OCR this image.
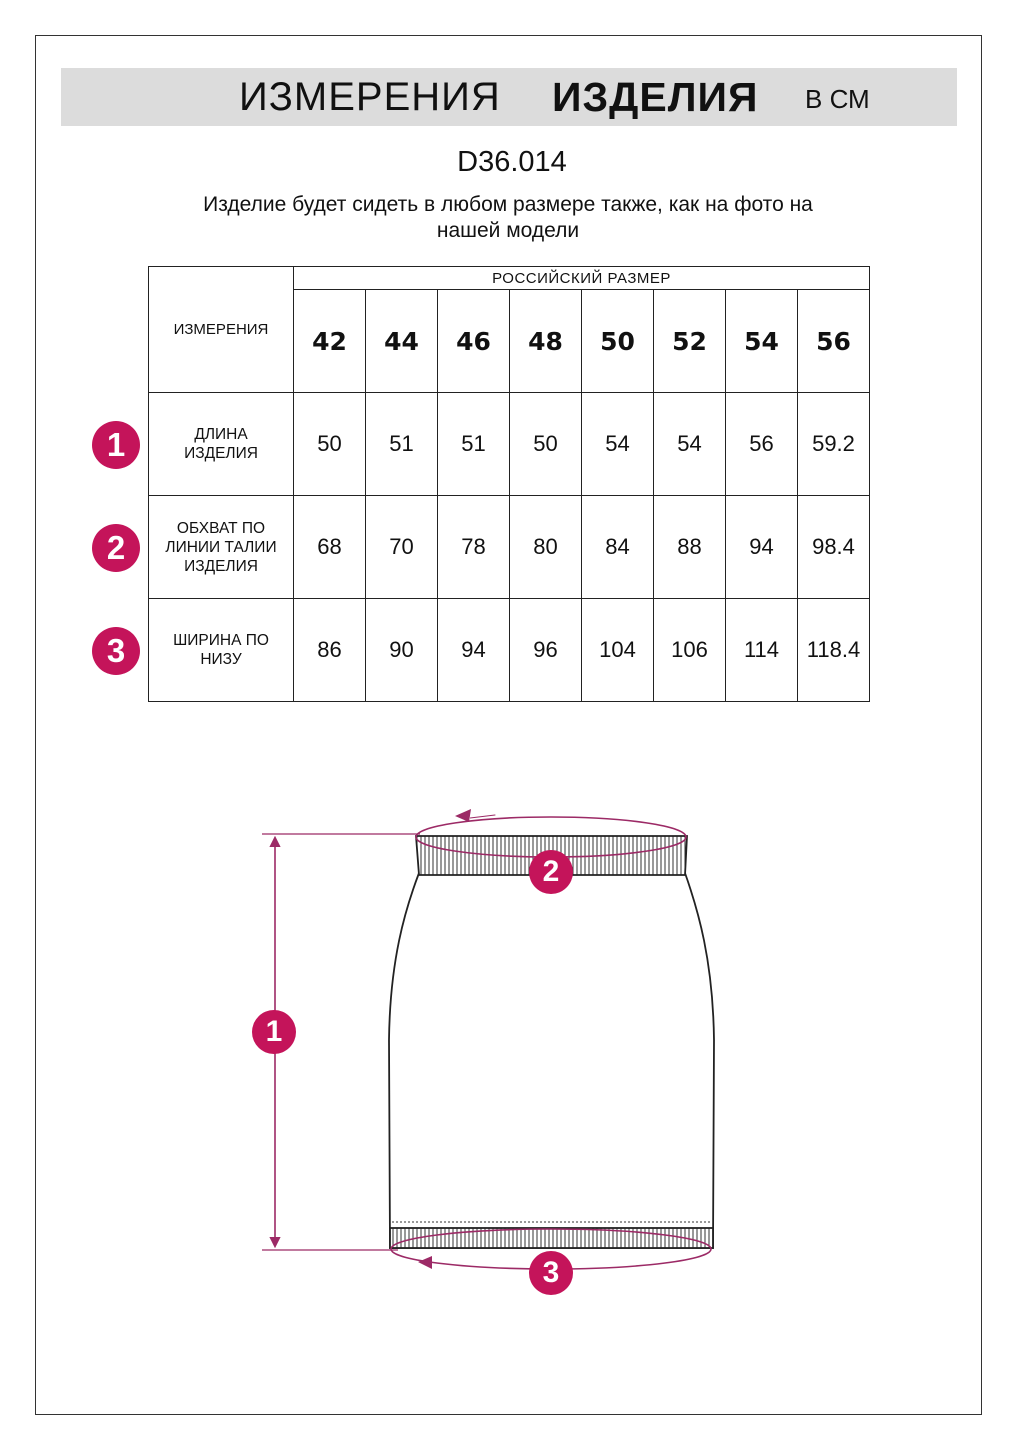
ИЗМЕРЕНИЯ ИЗДЕЛИЯ В СМ
D36.014
Изделие будет сидеть в любом размере также, как на фото на
нашей модели
ИЗМЕРЕНИЯ	РОССИЙСКИЙ РАЗМЕР							
	42	44	46	48	50	52	54	56

ДЛИНА
ИЗДЕЛИЯ	50	51	51	50	54	54	56	59.2

ОБХВАТ ПО
ЛИНИИ ТАЛИИ
ИЗДЕЛИЯ	68	70	78	80	84	88	94	98.4

ШИРИНА ПО
НИЗУ	86	90	94	96	104	106	114	118.4
1
2
3
1
2
3
